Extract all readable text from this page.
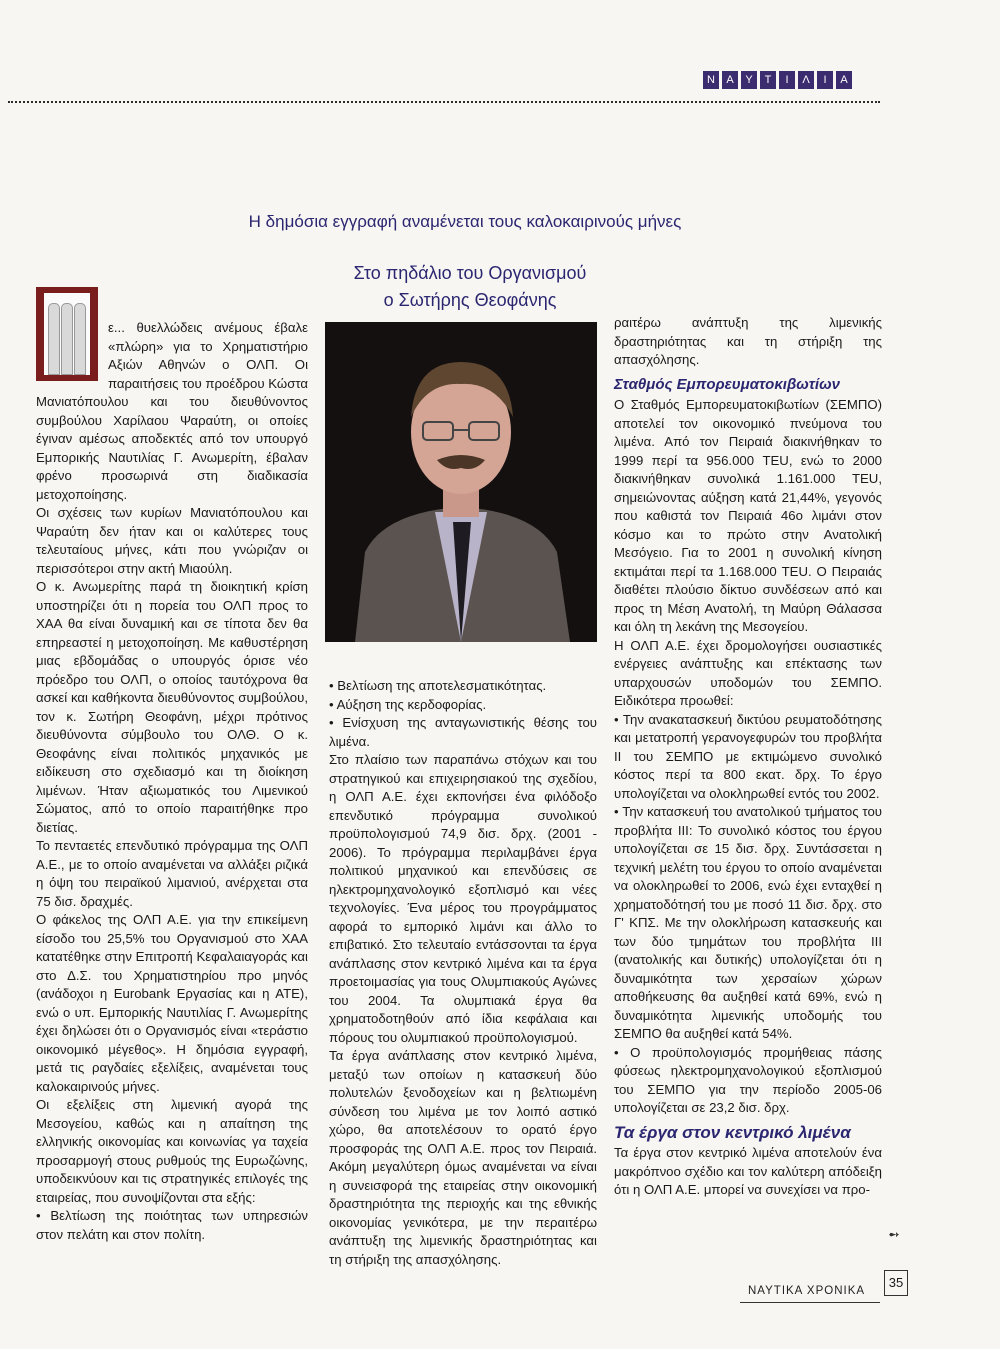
Ν	Α	Υ	Τ	Ι	Λ	Ι	Α
Η δημόσια εγγραφή αναμένεται τους καλοκαιρινούς μήνες
Στο πηδάλιο του Οργανισμού
ο Σωτήρης Θεοφάνης

ε... θυελλώδεις ανέμους έβαλε «πλώρη» για το Χρηματιστήριο Αξιών Αθηνών ο ΟΛΠ. Οι παραιτήσεις του προέδρου Κώστα Μανιατόπουλου και του διευθύνοντος συμβούλου Χαρίλαου Ψαραύτη, οι οποίες έγιναν αμέσως αποδεκτές από τον υπουργό Εμπορικής Ναυτιλίας Γ. Ανωμερίτη, έβαλαν φρένο προσωρινά στη διαδικασία μετοχοποίησης.

Οι σχέσεις των κυρίων Μανιατόπουλου και Ψαραύτη δεν ήταν και οι καλύτερες τους τελευταίους μήνες, κάτι που γνώριζαν οι περισσότεροι στην ακτή Μιαούλη.

Ο κ. Ανωμερίτης παρά τη διοικητική κρίση υποστηρίζει ότι η πορεία του ΟΛΠ προς το ΧΑΑ θα είναι δυναμική και σε τίποτα δεν θα επηρεαστεί η μετοχοποίηση. Με καθυστέρηση μιας εβδομάδας ο υπουργός όρισε νέο πρόεδρο του ΟΛΠ, ο οποίος ταυτόχρονα θα ασκεί και καθήκοντα διευθύνοντος συμβούλου, τον κ. Σωτήρη Θεοφάνη, μέχρι πρότινος διευθύνοντα σύμβουλο του ΟΛΘ. Ο κ. Θεοφάνης είναι πολιτικός μηχανικός με ειδίκευση στο σχεδιασμό και τη διοίκηση λιμένων. Ήταν αξιωματικός του Λιμενικού Σώματος, από το οποίο παραιτήθηκε προ διετίας.

Το πενταετές επενδυτικό πρόγραμμα της ΟΛΠ Α.Ε., με το οποίο αναμένεται να αλλάξει ριζικά η όψη του πειραϊκού λιμανιού, ανέρχεται στα 75 δισ. δραχμές.

Ο φάκελος της ΟΛΠ Α.Ε. για την επικείμενη είσοδο του 25,5% του Οργανισμού στο ΧΑΑ κατατέθηκε στην Επιτροπή Κεφαλαιαγοράς και στο Δ.Σ. του Χρηματιστηρίου προ μηνός (ανάδοχοι η Eurobank Εργασίας και η ΑΤΕ), ενώ ο υπ. Εμπορικής Ναυτιλίας Γ. Ανωμερίτης έχει δηλώσει ότι ο Οργανισμός είναι «τεράστιο οικονομικό μέγεθος». Η δημόσια εγγραφή, μετά τις ραγδαίες εξελίξεις, αναμένεται τους καλοκαιρινούς μήνες.

Οι εξελίξεις στη λιμενική αγορά της Μεσογείου, καθώς και η απαίτηση της ελληνικής οικονομίας και κοινωνίας γα ταχεία προσαρμογή στους ρυθμούς της Ευρωζώνης, υποδεικνύουν και τις στρατηγικές επιλογές της εταιρείας, που συνοψίζονται στα εξής:

• Βελτίωση της ποιότητας των υπηρεσιών στον πελάτη και στον πολίτη.

• Βελτίωση της αποτελεσματικότητας.

• Αύξηση της κερδοφορίας.

• Ενίσχυση της ανταγωνιστικής θέσης του λιμένα.

Στο πλαίσιο των παραπάνω στόχων και του στρατηγικού και επιχειρησιακού της σχεδίου, η ΟΛΠ Α.Ε. έχει εκπονήσει ένα φιλόδοξο επενδυτικό πρόγραμμα συνολικού προϋπολογισμού 74,9 δισ. δρχ. (2001 - 2006). Το πρόγραμμα περιλαμβάνει έργα πολιτικού μηχανικού και επενδύσεις σε ηλεκτρομηχανολογικό εξοπλισμό και νέες τεχνολογίες. Ένα μέρος του προγράμματος αφορά το εμπορικό λιμάνι και άλλο το επιβατικό. Στο τελευταίο εντάσσονται τα έργα ανάπλασης στον κεντρικό λιμένα και τα έργα προετοιμασίας για τους Ολυμπιακούς Αγώνες του 2004. Τα ολυμπιακά έργα θα χρηματοδοτηθούν από ίδια κεφάλαια και πόρους του ολυμπιακού προϋπολογισμού.

Τα έργα ανάπλασης στον κεντρικό λιμένα, μεταξύ των οποίων η κατασκευή δύο πολυτελών ξενοδοχείων και η βελτιωμένη σύνδεση του λιμένα με τον λοιπό αστικό χώρο, θα αποτελέσουν το ορατό έργο προσφοράς της ΟΛΠ Α.Ε. προς τον Πειραιά. Ακόμη μεγαλύτερη όμως αναμένεται να είναι η συνεισφορά της εταιρείας στην οικονομική δραστηριότητα της περιοχής και της εθνικής οικονομίας γενικότερα, με την περαιτέρω ανάπτυξη της λιμενικής δραστηριότητας και τη στήριξη της απασχόλησης.

ραιτέρω ανάπτυξη της λιμενικής δραστηριότητας και τη στήριξη της απασχόλησης.

Σταθμός Εμπορευματοκιβωτίων

Ο Σταθμός Εμπορευματοκιβωτίων (ΣΕΜΠΟ) αποτελεί τον οικονομικό πνεύμονα του λιμένα. Από τον Πειραιά διακινήθηκαν το 1999 περί τα 956.000 TEU, ενώ το 2000 διακινήθηκαν συνολικά 1.161.000 TEU, σημειώνοντας αύξηση κατά 21,44%, γεγονός που καθιστά τον Πειραιά 46ο λιμάνι στον κόσμο και το πρώτο στην Ανατολική Μεσόγειο. Για το 2001 η συνολική κίνηση εκτιμάται περί τα 1.168.000 TEU. Ο Πειραιάς διαθέτει πλούσιο δίκτυο συνδέσεων από και προς τη Μέση Ανατολή, τη Μαύρη Θάλασσα και όλη τη λεκάνη της Μεσογείου.

Η ΟΛΠ Α.Ε. έχει δρομολογήσει ουσιαστικές ενέργειες ανάπτυξης και επέκτασης των υπαρχουσών υποδομών του ΣΕΜΠΟ. Ειδικότερα προωθεί:

• Την ανακατασκευή δικτύου ρευματοδότησης και μετατροπή γερανογεφυρών του προβλήτα ΙΙ του ΣΕΜΠΟ με εκτιμώμενο συνολικό κόστος περί τα 800 εκατ. δρχ. Το έργο υπολογίζεται να ολοκληρωθεί εντός του 2002.

• Την κατασκευή του ανατολικού τμήματος του προβλήτα ΙΙΙ: Το συνολικό κόστος του έργου υπολογίζεται σε 15 δισ. δρχ. Συντάσσεται η τεχνική μελέτη του έργου το οποίο αναμένεται να ολοκληρωθεί το 2006, ενώ έχει ενταχθεί η χρηματοδότησή του με ποσό 11 δισ. δρχ. στο Γ' ΚΠΣ. Με την ολοκλήρωση κατασκευής και των δύο τμημάτων του προβλήτα ΙΙΙ (ανατολικής και δυτικής) υπολογίζεται ότι η δυναμικότητα των χερσαίων χώρων αποθήκευσης θα αυξηθεί κατά 69%, ενώ η δυναμικότητα λιμενικής υποδομής του ΣΕΜΠΟ θα αυξηθεί κατά 54%.

• Ο προϋπολογισμός προμήθειας πάσης φύσεως ηλεκτρομηχανολογικού εξοπλισμού του ΣΕΜΠΟ για την περίοδο 2005-06 υπολογίζεται σε 23,2 δισ. δρχ.

Τα έργα στον κεντρικό λιμένα

Τα έργα στον κεντρικό λιμένα αποτελούν ένα μακρόπνοο σχέδιο και τον καλύτερη απόδειξη ότι η ΟΛΠ Α.Ε. μπορεί να συνεχίσει να προ-

➻
ΝΑΥΤΙΚΑ ΧΡΟΝΙΚΑ
35
